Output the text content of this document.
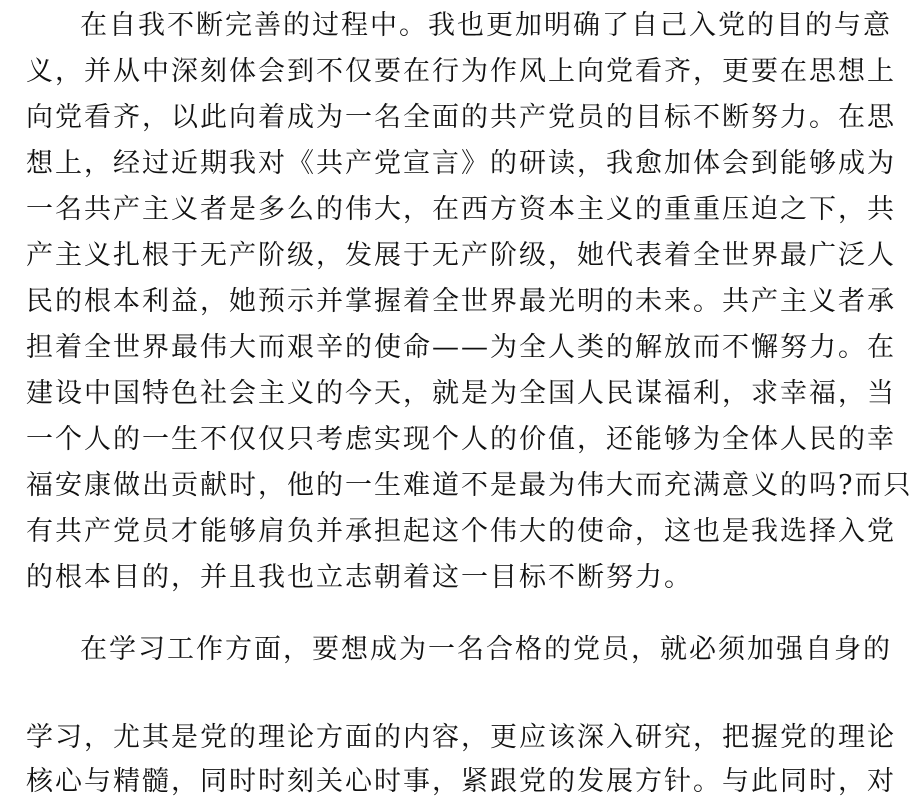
在自我不断完善的过程中。我也更加明确了自己入党的目的与意
义，并从中深刻体会到不仅要在行为作风上向党看齐，更要在思想上
向党看齐，以此向着成为一名全面的共产党员的目标不断努力。在思
想上，经过近期我对《共产党宣言》的研读，我愈加体会到能够成为
一名共产主义者是多么的伟大，在西方资本主义的重重压迫之下，共
产主义扎根于无产阶级，发展于无产阶级，她代表着全世界最广泛人
民的根本利益，她预示并掌握着全世界最光明的未来。共产主义者承
担着全世界最伟大而艰辛的使命——为全人类的解放而不懈努力。在
建设中国特色社会主义的今天，就是为全国人民谋福利，求幸福，当
一个人的一生不仅仅只考虑实现个人的价值，还能够为全体人民的幸
福安康做出贡献时，他的一生难道不是最为伟大而充满意义的吗?而只
有共产党员才能够肩负并承担起这个伟大的使命，这也是我选择入党
的根本目的，并且我也立志朝着这一目标不断努力。
在学习工作方面，要想成为一名合格的党员，就必须加强自身的
学习，尤其是党的理论方面的内容，更应该深入研究，把握党的理论
核心与精髓，同时时刻关心时事，紧跟党的发展方针。与此同时，对
